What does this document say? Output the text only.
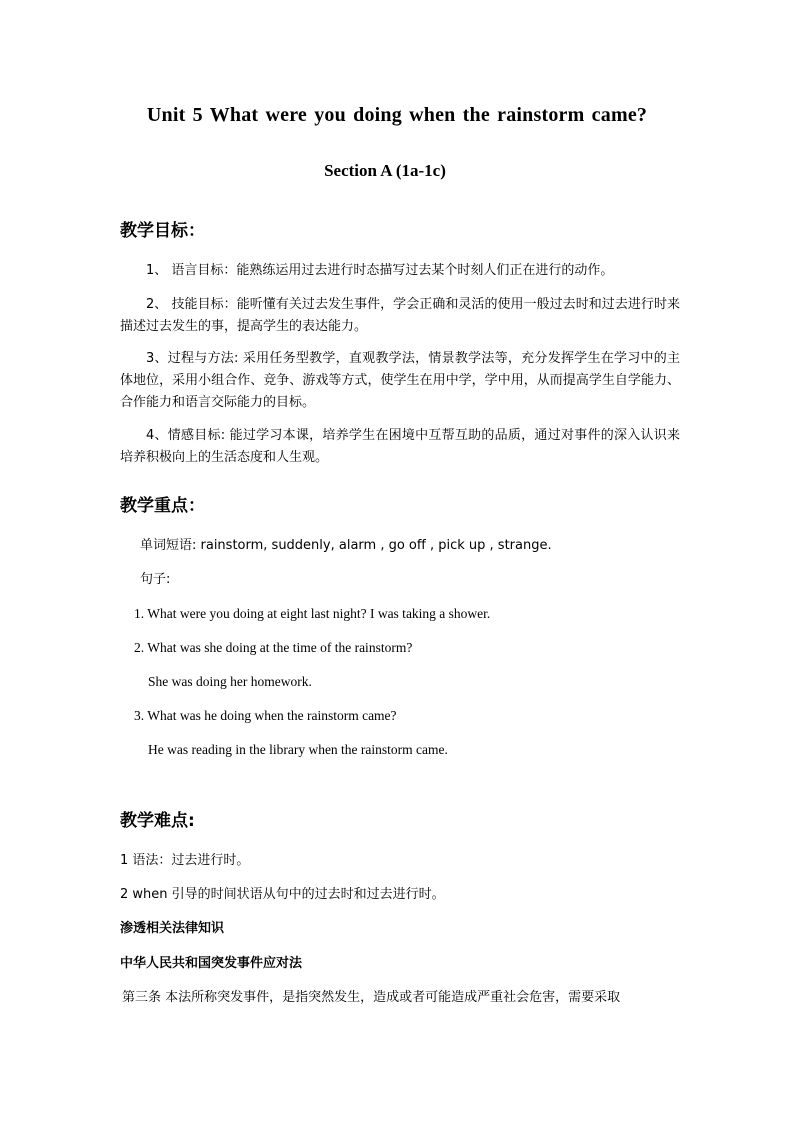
Unit 5 What were you doing when the rainstorm came?
Section A (1a-1c)
教学目标：
1、 语言目标：能熟练运用过去进行时态描写过去某个时刻人们正在进行的动作。
2、 技能目标：能听懂有关过去发生事件，学会正确和灵活的使用一般过去时和过去进行时来描述过去发生的事，提高学生的表达能力。
3、过程与方法: 采用任务型教学，直观教学法，情景教学法等，充分发挥学生在学习中的主体地位，采用小组合作、竞争、游戏等方式，使学生在用中学，学中用，从而提高学生自学能力、合作能力和语言交际能力的目标。
4、情感目标: 能过学习本课，培养学生在困境中互帮互助的品质，通过对事件的深入认识来培养积极向上的生活态度和人生观。
教学重点：
单词短语: rainstorm, suddenly, alarm , go off , pick up , strange.
句子:
1. What were you doing at eight last night? I was taking a shower.
2. What was she doing at the time of the rainstorm?
She was doing her homework.
3. What was he doing when the rainstorm came?
He was reading in the library when the rainstorm came.
教学难点:
1 语法：过去进行时。
2 when 引导的时间状语从句中的过去时和过去进行时。
渗透相关法律知识
中华人民共和国突发事件应对法
第三条 本法所称突发事件，是指突然发生，造成或者可能造成严重社会危害，需要采取
